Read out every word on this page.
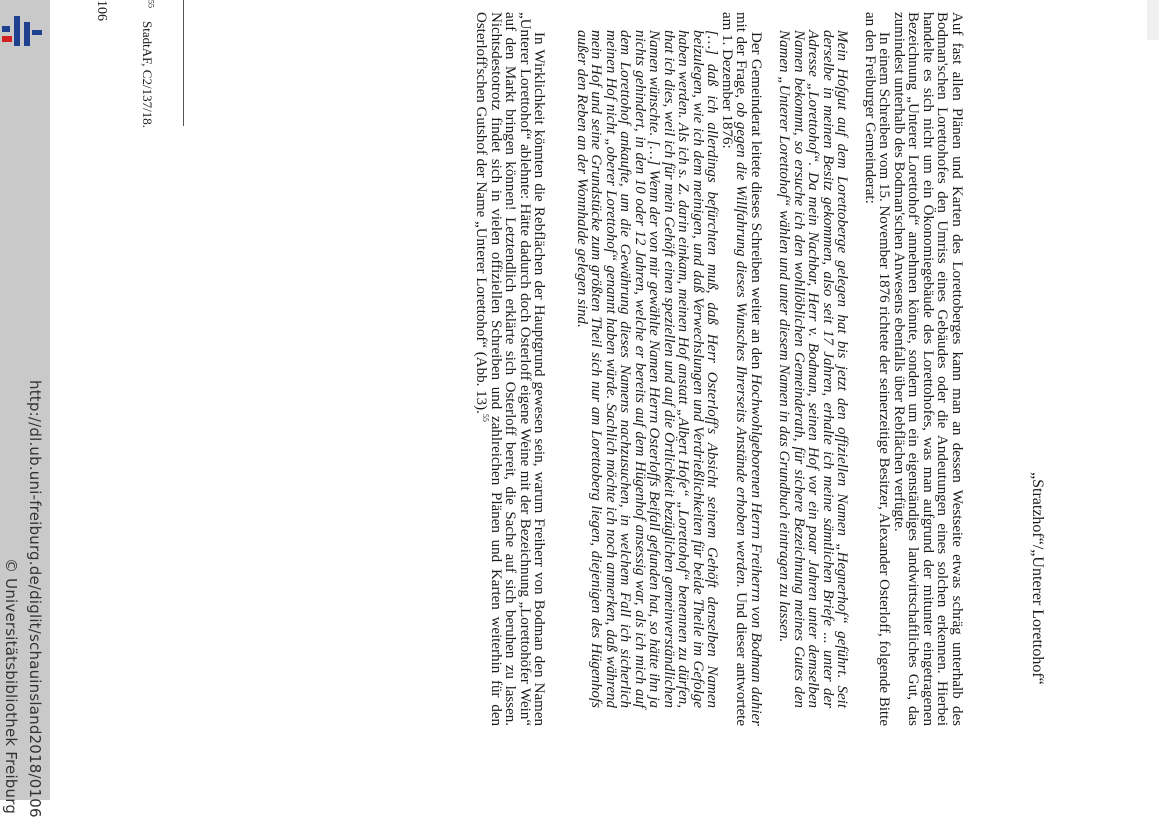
http://dl.ub.uni-freiburg.de/diglit/schauinsland2018/0106
© Universitätsbibliothek Freiburg	„Stratzhof“/„Unterer Lorettohof“

Auf fast allen Plänen und Karten des Lorettoberges kann man an dessen Westseite etwas schräg unterhalb des Bodman'schen Lorettohofes den Umriss eines Gebäudes oder die Andeutungen eines solchen erkennen. Hierbei handelte es sich nicht um ein Ökonomiegebäude des Lorettohofes, was man aufgrund der mitunter eingetragenen Bezeichnung „Unterer Lorettohof“ annehmen könnte, sondern um ein eigenständiges landwirtschaftliches Gut, das zumindest unterhalb des Bodman'schen Anwesens ebenfalls über Rebflächen verfügte.

In einem Schreiben vom 15. November 1876 richtete der seinerzeitige Besitzer, Alexander Osterloff, folgende Bitte an den Freiburger Gemeinderat:

Mein Hofgut auf dem Lorettoberge gelegen hat bis jetzt den offiziellen Namen „Hegnerhof“ geführt. Seit derselbe in meinen Besitz gekommen, also seit 17 Jahren, erhalte ich meine sämtlichen Briefe ... unter der Adresse „Lorettohof“. Da mein Nachbar, Herr v. Bodman, seinen Hof vor ein paar Jahren unter demselben Namen bekommt, so ersuche ich den wohllöblichen Gemeinderath, für sichere Bezeichnung meines Gutes den Namen „Unterer Lorettohof“ wählen und unter diesem Namen in das Grundbuch eintragen zu lassen.

Der Gemeinderat leitete dieses Schreiben weiter an den Hochwohlgeborenen Herrn Freiherrn von Bodman dahier mit der Frage, ob gegen die Willfahrung dieses Wunsches Ihrerseits Anstände erhoben werden. Und dieser antwortete am 1. Dezember 1876:

[…] daß ich allerdings befürchten muß, daß Herr Osterloff's Absicht seinem Gehöft denselben Namen beizulegen, wie ich dem meinigen, und daß Verwechslungen und Verdrießlichkeiten für beide Theile im Gefolge haben werden. Als ich s. Z. darin einkam, meinen Hof anstatt „Albert Hofe“ „Lorettohof“ benennen zu dürfen, that ich dies, weil ich für mein Gehöft einen speziellen und auf die Örtlichkeit bezüglichen gemeinverständlichen Namen wünschte. […] Wenn der von mir gewählte Namen Herrn Osterloffs Beifall gefunden hat, so hätte ihn ja nichts gehindert, in den 10 oder 12 Jahren, welche er bereits auf dem Hügenhof ansessig war, als ich mich auf dem Lorettohof ankaufte, um die Gewährung dieses Namens nachzusuchen, in welchem Fall ich sicherlich meinen Hof nicht „oberer Lorettohof“ genannt haben würde. Sachlich möchte ich noch anmerken, daß während mein Hof und seine Grundstücke zum größten Theil sich nur am Lorettoberg liegen, diejenigen des Hügenhofs außer den Reben an der Wonnhalde gelegen sind.

In Wirklichkeit könnten die Rebflächen der Hauptgrund gewesen sein, warum Freiherr von Bodman den Namen „Unterer Lorettohof“ ablehnte: Hätte dadurch doch Osterloff eigene Weine mit der Bezeichnung „Lorettohöfer Wein“ auf den Markt bringen können! Letztendlich erklärte sich Osterloff bereit, die Sache auf sich beruhen zu lassen. Nichtsdestotrotz findet sich in vielen offiziellen Schreiben und zahlreichen Plänen und Karten weiterhin für den Osterloff'schen Gutshof der Name „Unterer Lorettohof“ (Abb. 13).$^{55}$

$^{55}$    StadtAF, C2/137/18.
106
